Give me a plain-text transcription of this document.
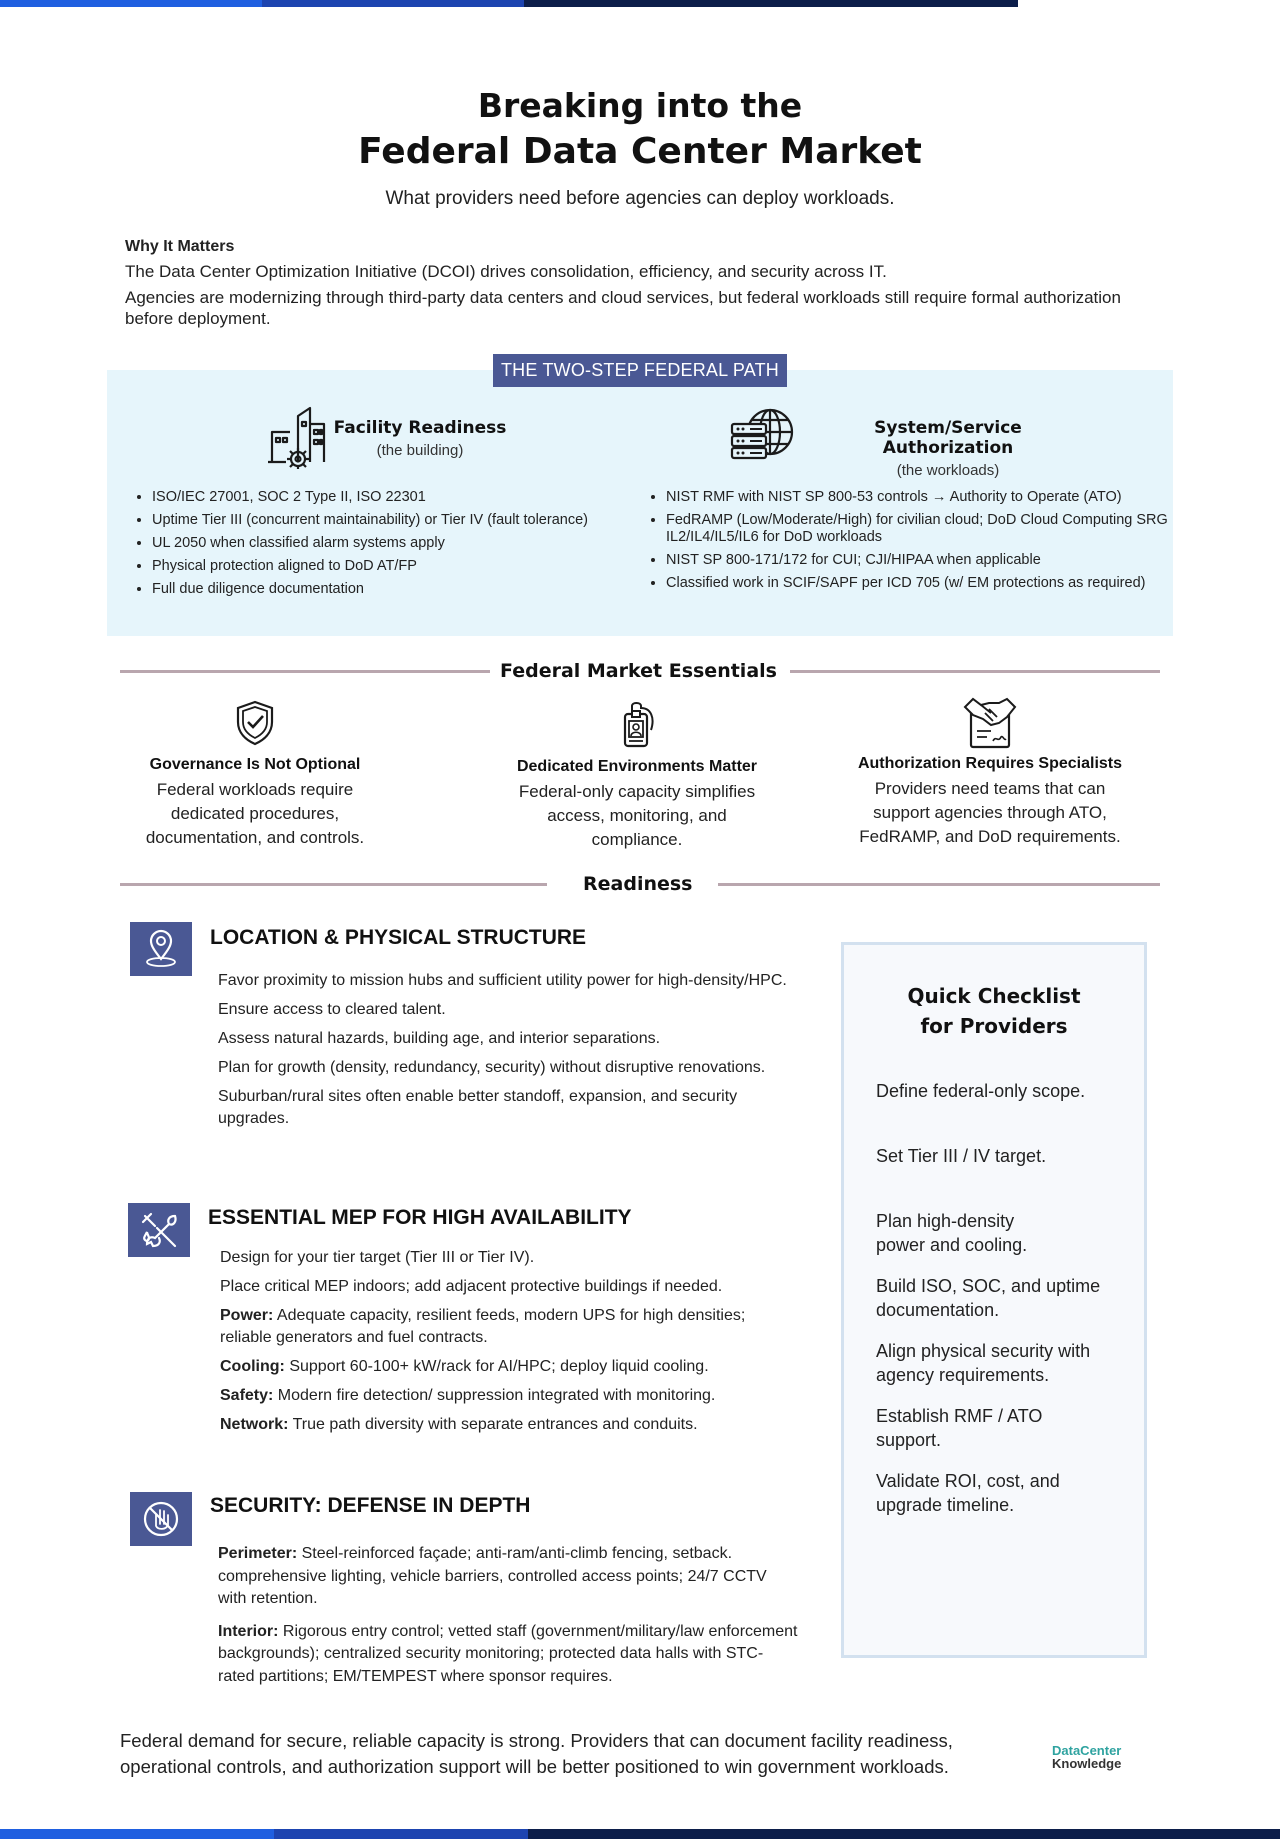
Breaking into the
Federal Data Center Market
What providers need before agencies can deploy workloads.
Why It Matters

The Data Center Optimization Initiative (DCOI) drives consolidation, efficiency, and security across IT.

Agencies are modernizing through third-party data centers and cloud services, but federal workloads still require formal authorization before deployment.

THE TWO-STEP FEDERAL PATH
Facility Readiness
(the building)
• ISO/IEC 27001, SOC 2 Type II, ISO 22301
• Uptime Tier III (concurrent maintainability) or Tier IV (fault tolerance)
• UL 2050 when classified alarm systems apply
• Physical protection aligned to DoD AT/FP
• Full due diligence documentation
System/Service Authorization
(the workloads)
• NIST RMF with NIST SP 800-53 controls → Authority to Operate (ATO)
• FedRAMP (Low/Moderate/High) for civilian cloud; DoD Cloud Computing SRG IL2/IL4/IL5/IL6 for DoD workloads
• NIST SP 800-171/172 for CUI; CJI/HIPAA when applicable
• Classified work in SCIF/SAPF per ICD 705 (w/ EM protections as required)
Federal Market Essentials
Governance Is Not Optional
Federal workloads require dedicated procedures, documentation, and controls.
Dedicated Environments Matter
Federal-only capacity simplifies access, monitoring, and compliance.
Authorization Requires Specialists
Providers need teams that can support agencies through ATO, FedRAMP, and DoD requirements.
Readiness
LOCATION & PHYSICAL STRUCTURE

Favor proximity to mission hubs and sufficient utility power for high-density/HPC.

Ensure access to cleared talent.

Assess natural hazards, building age, and interior separations.

Plan for growth (density, redundancy, security) without disruptive renovations.

Suburban/rural sites often enable better standoff, expansion, and security upgrades.

ESSENTIAL MEP FOR HIGH AVAILABILITY

Design for your tier target (Tier III or Tier IV).

Place critical MEP indoors; add adjacent protective buildings if needed.

Power: Adequate capacity, resilient feeds, modern UPS for high densities; reliable generators and fuel contracts.

Cooling: Support 60-100+ kW/rack for AI/HPC; deploy liquid cooling.

Safety: Modern fire detection/ suppression integrated with monitoring.

Network: True path diversity with separate entrances and conduits.

SECURITY: DEFENSE IN DEPTH

Perimeter: Steel-reinforced façade; anti-ram/anti-climb fencing, setback. comprehensive lighting, vehicle barriers, controlled access points; 24/7 CCTV with retention.

Interior: Rigorous entry control; vetted staff (government/military/law enforcement backgrounds); centralized security monitoring; protected data halls with STC-rated partitions; EM/TEMPEST where sponsor requires.

Quick Checklist
for Providers
Define federal-only scope.
Set Tier III / IV target.
Plan high-density power and cooling.
Build ISO, SOC, and uptime documentation.
Align physical security with agency requirements.
Establish RMF / ATO support.
Validate ROI, cost, and upgrade timeline.
Federal demand for secure, reliable capacity is strong. Providers that can document facility readiness, operational controls, and authorization support will be better positioned to win government workloads.
DataCenter
Knowledge
